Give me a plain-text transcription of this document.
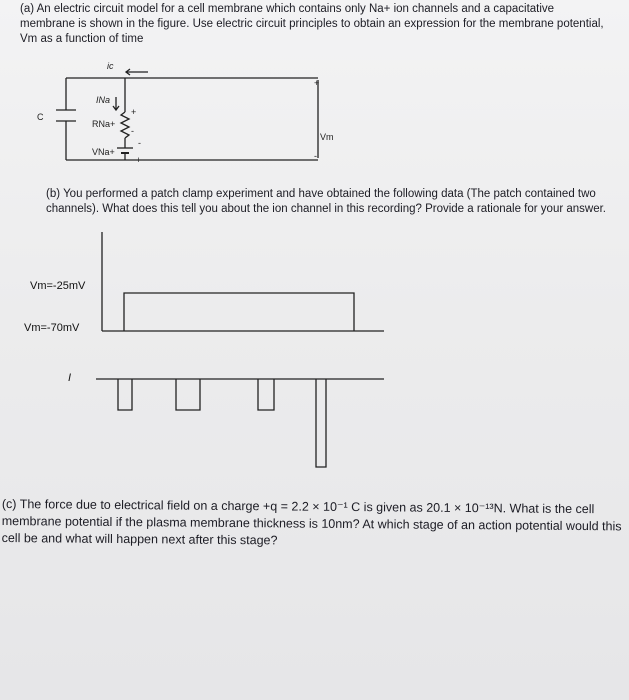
(a) An electric circuit model for a cell membrane which contains only Na+ ion channels and a capacitative membrane is shown in the figure. Use electric circuit principles to obtain an expression for the membrane potential, Vm as a function of time
ic
C
INa
RNa+
VNa+
Vm
+
-
-
+
+
-
(b) You performed a patch clamp experiment and have obtained the following data (The patch contained two channels). What does this tell you about the ion channel in this recording? Provide a rationale for your answer.
Vm=-25mV
Vm=-70mV
I
(c) The force due to electrical field on a charge +q = 2.2 × 10⁻¹ C is given as 20.1 × 10⁻¹³N. What is the cell membrane potential if the plasma membrane thickness is 10nm? At which stage of an action potential would this cell be and what will happen next after this stage?
